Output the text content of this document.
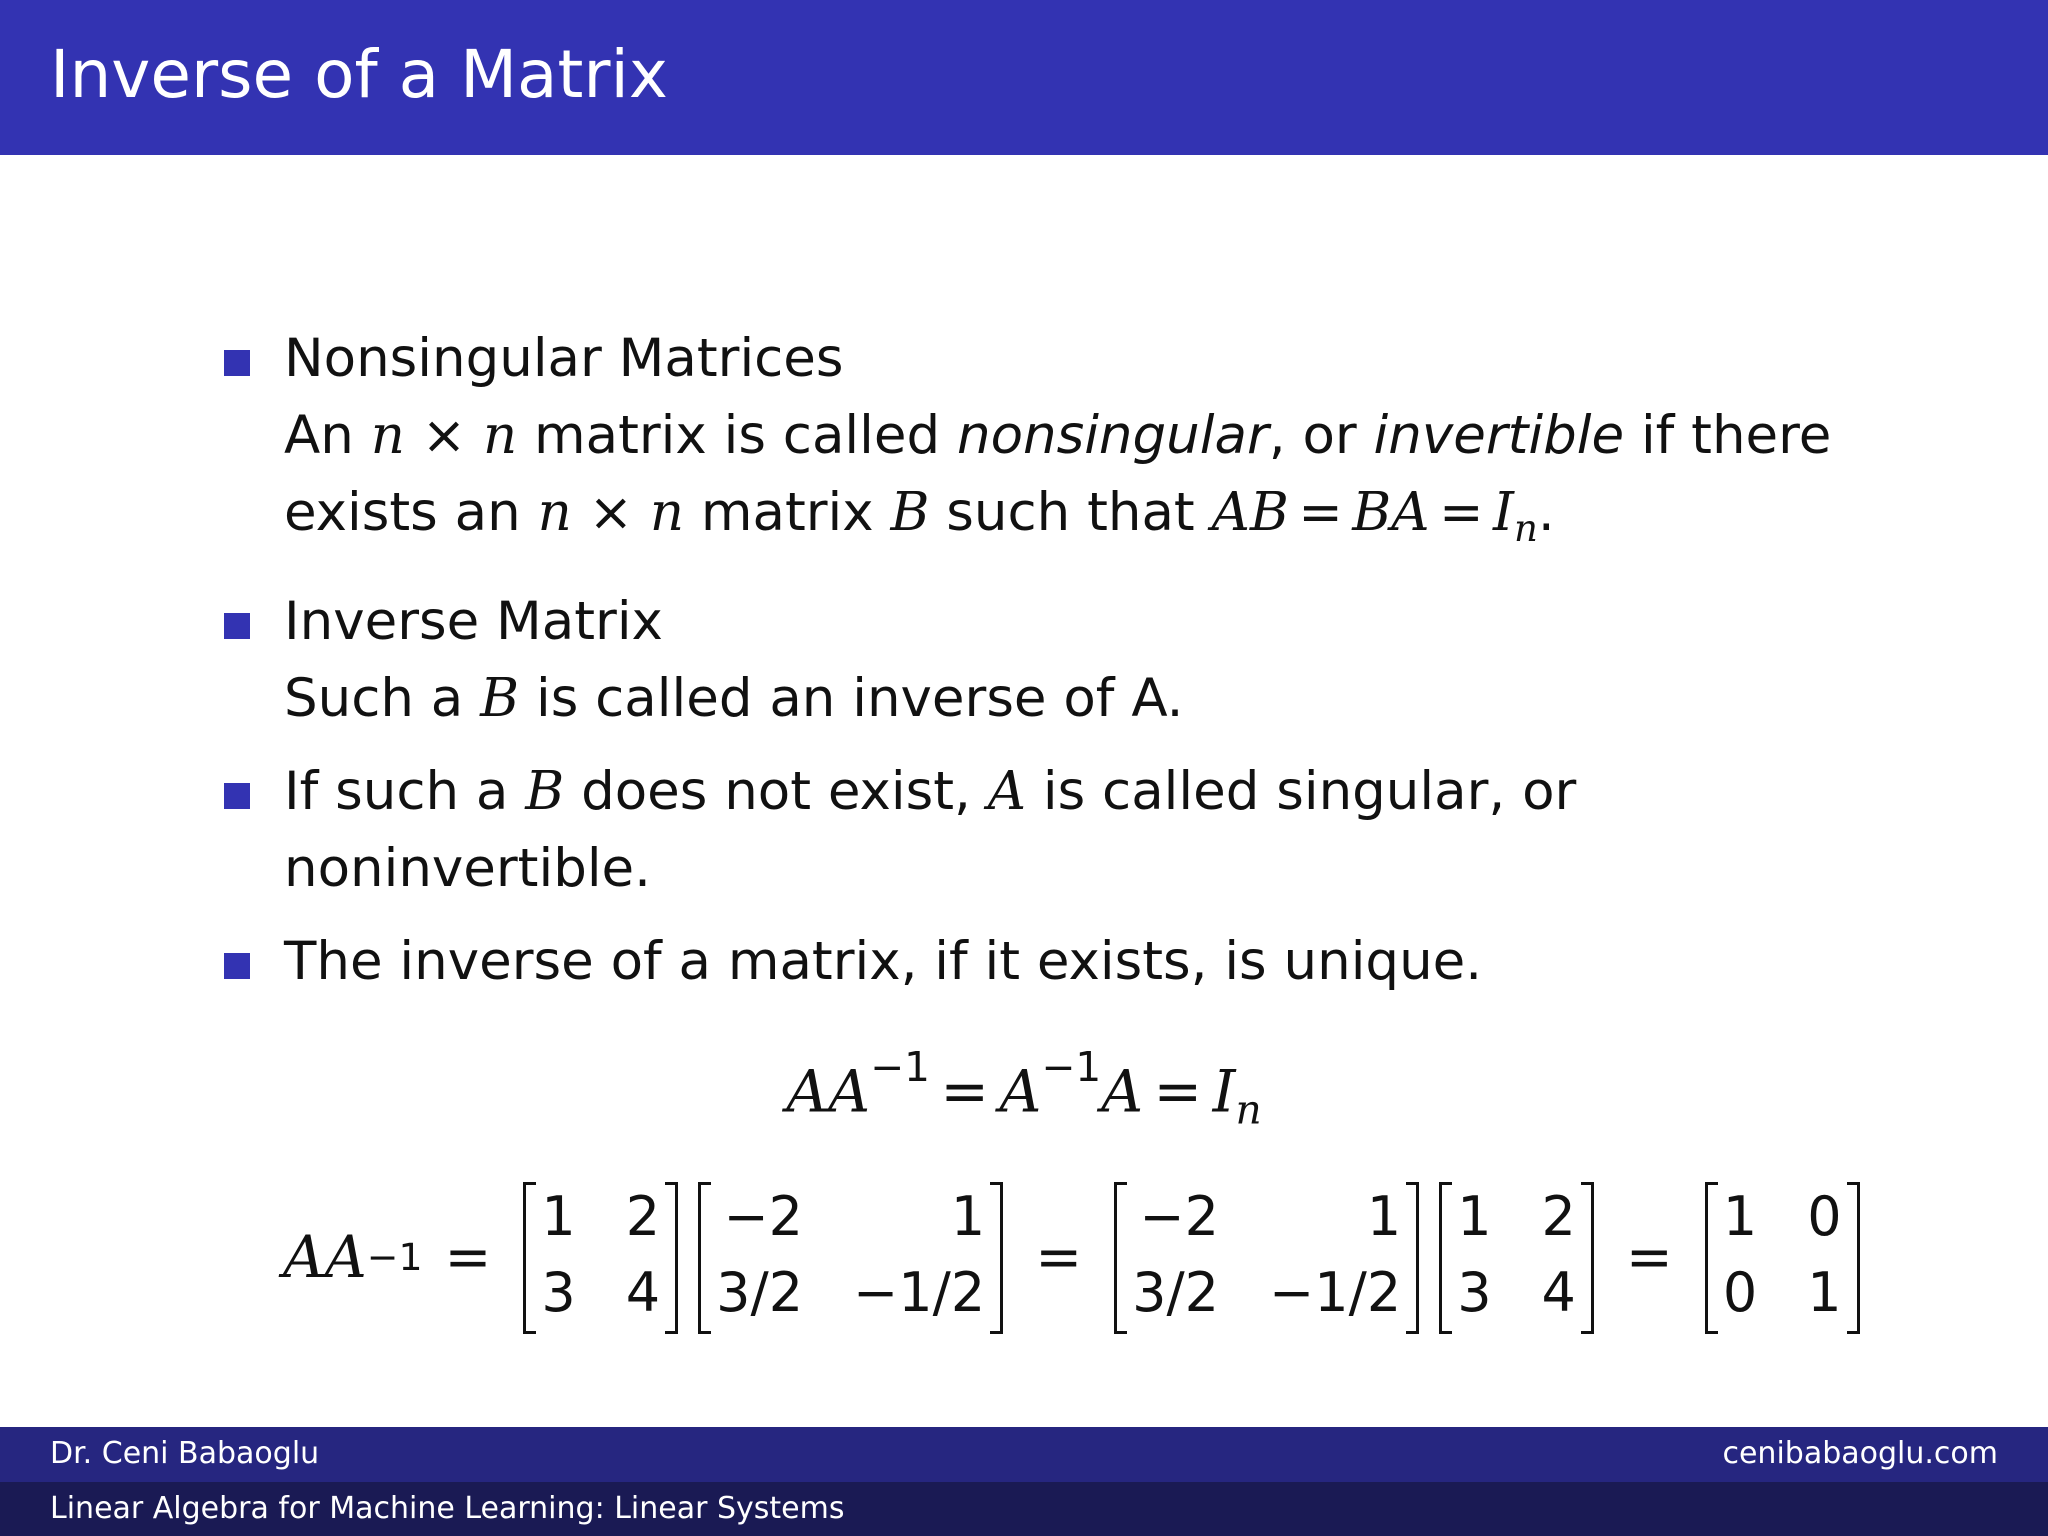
Inverse of a Matrix
Nonsingular Matrices
An n × n matrix is called nonsingular, or invertible if there
exists an n × n matrix B such that AB = BA = $I_n$.
Inverse Matrix
Such a B is called an inverse of A.
If such a B does not exist, A is called singular, or
noninvertible.
The inverse of a matrix, if it exists, is unique.
$AA^{-1} = A^{-1}A = I_n$
AA −1 =
1 2
3 4
−2	1
3/2 −1/2
=
−2	1
3/2 −1/2
1 2
3 4
=
1 0
0 1
Dr. Ceni Babaoglu	cenibabaoglu.com
Linear Algebra for Machine Learning: Linear Systems
